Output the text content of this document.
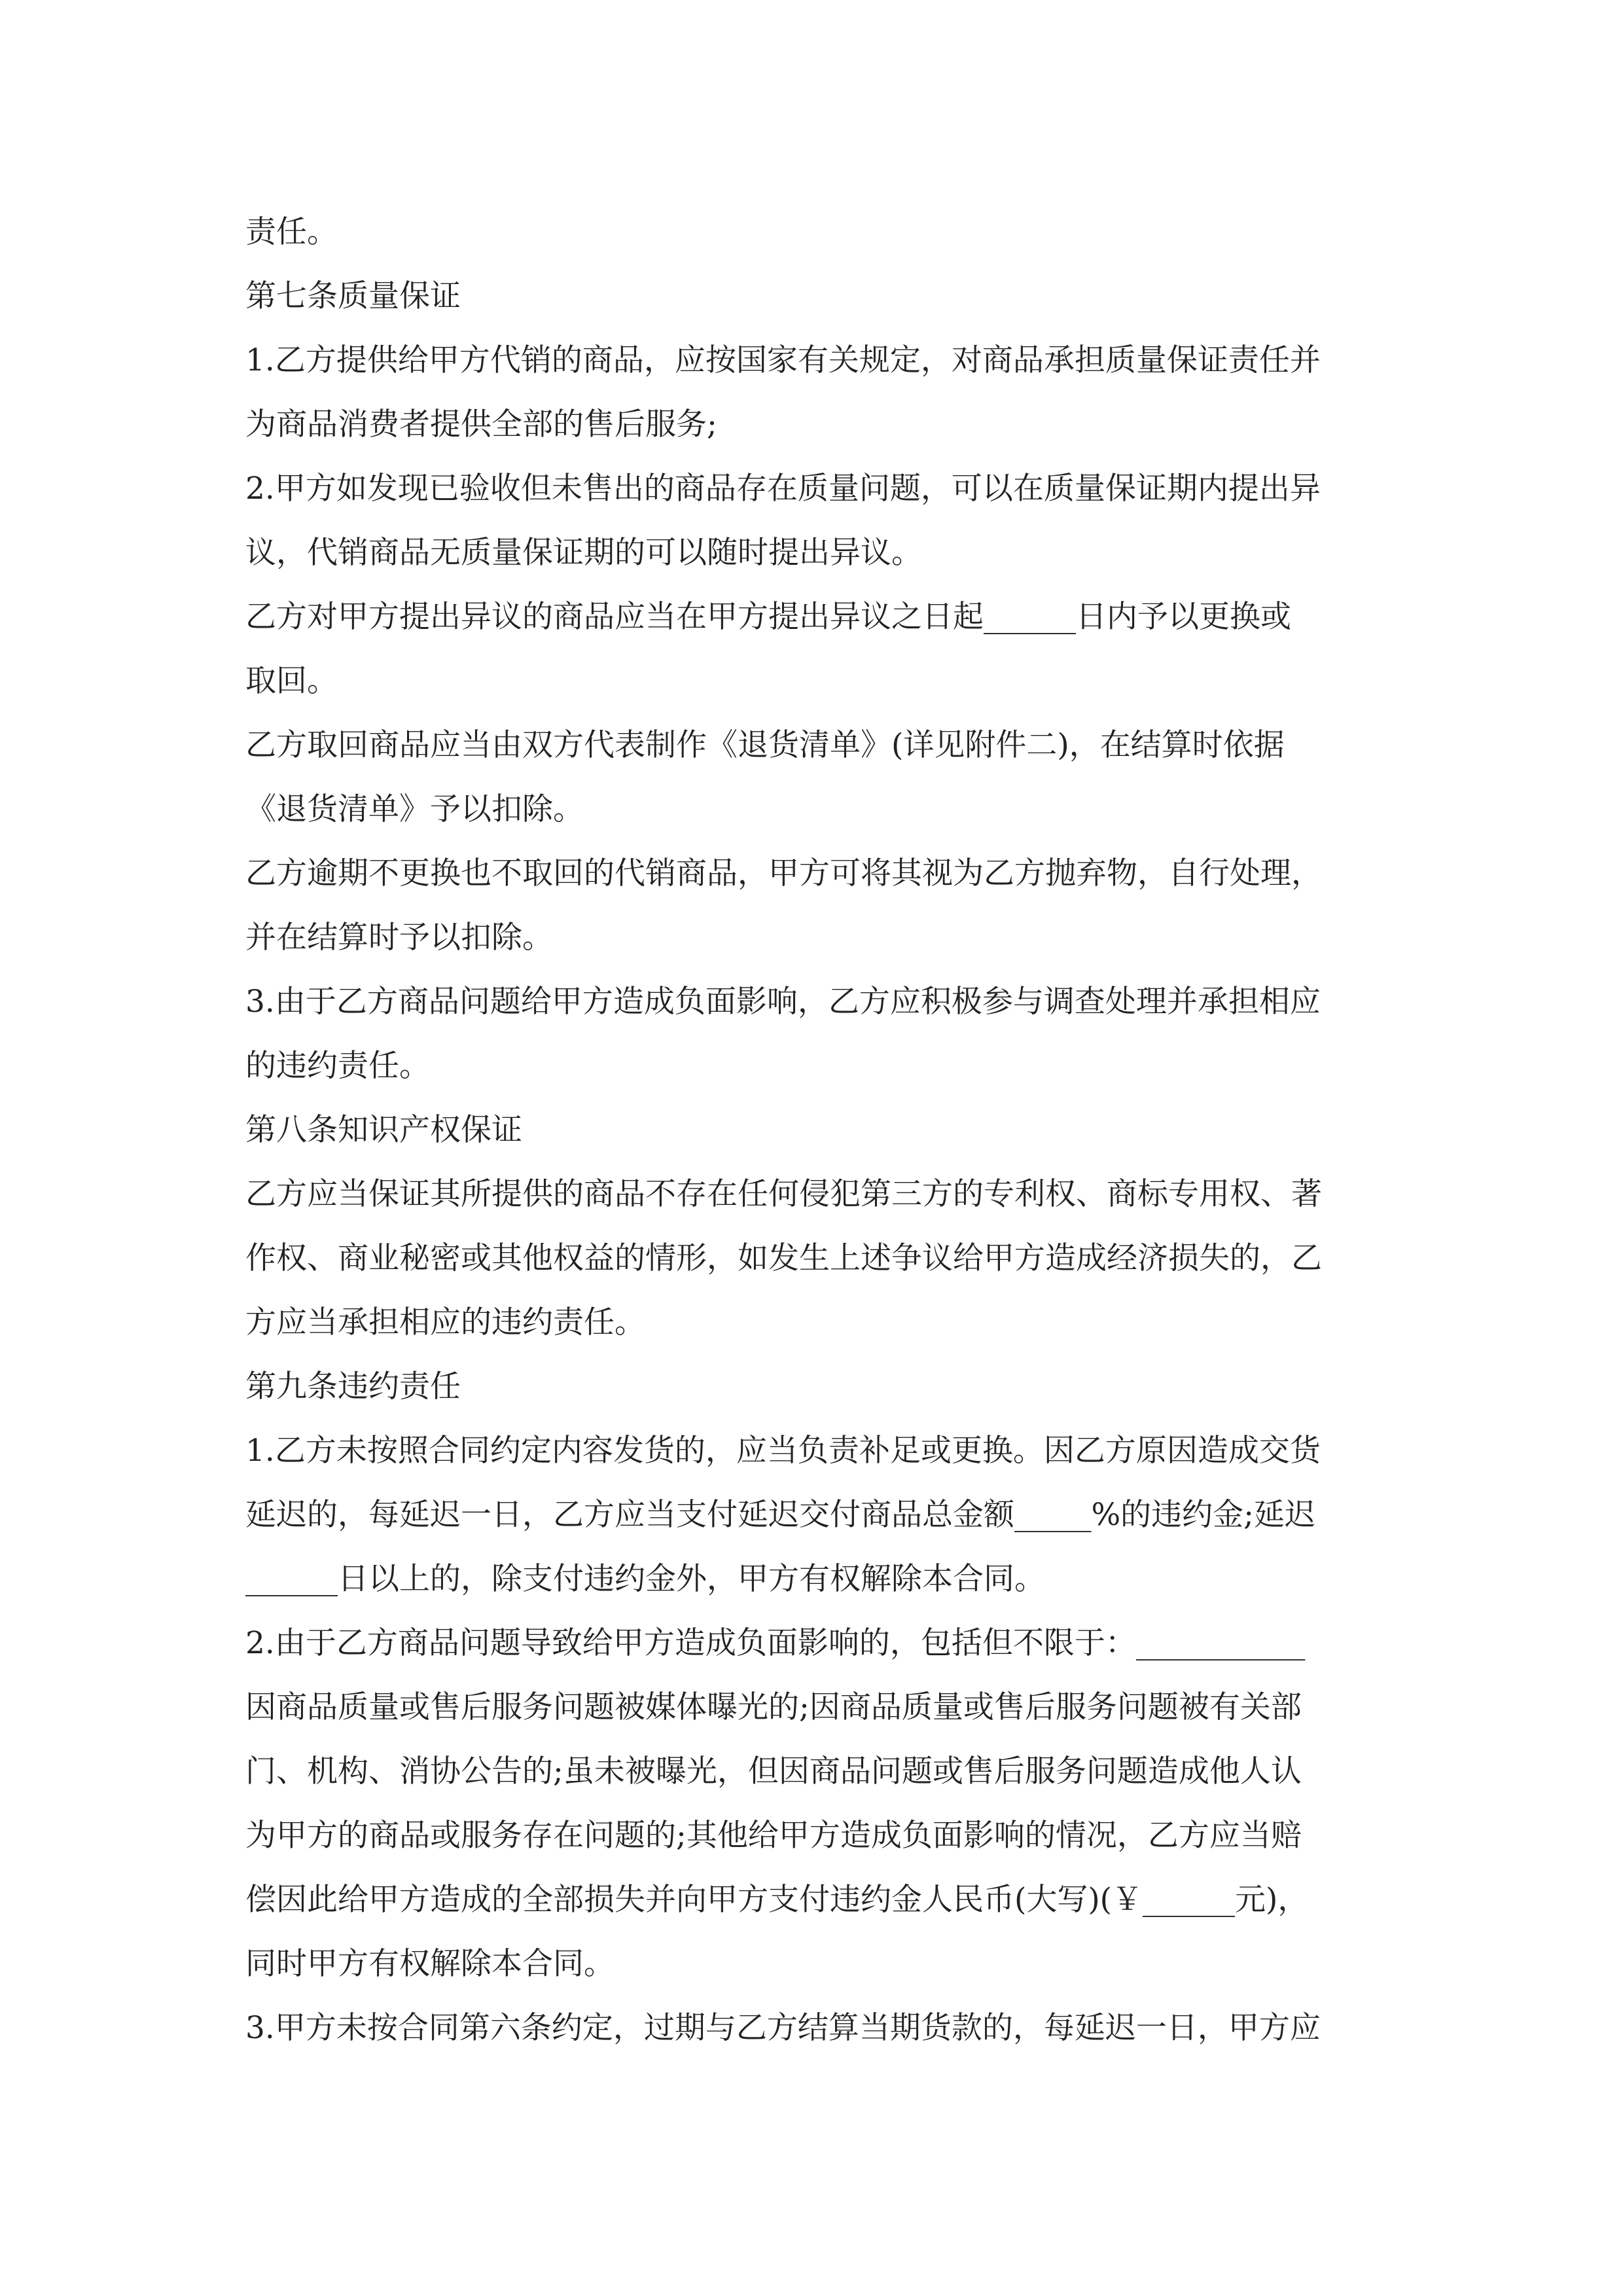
责任。
第七条质量保证
1.乙方提供给甲方代销的商品，应按国家有关规定，对商品承担质量保证责任并
为商品消费者提供全部的售后服务;
2.甲方如发现已验收但未售出的商品存在质量问题，可以在质量保证期内提出异
议，代销商品无质量保证期的可以随时提出异议。
乙方对甲方提出异议的商品应当在甲方提出异议之日起______日内予以更换或
取回。
乙方取回商品应当由双方代表制作《退货清单》(详见附件二)，在结算时依据
《退货清单》予以扣除。
乙方逾期不更换也不取回的代销商品，甲方可将其视为乙方抛弃物，自行处理，
并在结算时予以扣除。
3.由于乙方商品问题给甲方造成负面影响，乙方应积极参与调查处理并承担相应
的违约责任。
第八条知识产权保证
乙方应当保证其所提供的商品不存在任何侵犯第三方的专利权、商标专用权、著
作权、商业秘密或其他权益的情形，如发生上述争议给甲方造成经济损失的，乙
方应当承担相应的违约责任。
第九条违约责任
1.乙方未按照合同约定内容发货的，应当负责补足或更换。因乙方原因造成交货
延迟的，每延迟一日，乙方应当支付延迟交付商品总金额_____%的违约金;延迟
______日以上的，除支付违约金外，甲方有权解除本合同。
2.由于乙方商品问题导致给甲方造成负面影响的，包括但不限于：___________
因商品质量或售后服务问题被媒体曝光的;因商品质量或售后服务问题被有关部
门、机构、消协公告的;虽未被曝光，但因商品问题或售后服务问题造成他人认
为甲方的商品或服务存在问题的;其他给甲方造成负面影响的情况，乙方应当赔
偿因此给甲方造成的全部损失并向甲方支付违约金人民币(大写)(￥______元)，
同时甲方有权解除本合同。
3.甲方未按合同第六条约定，过期与乙方结算当期货款的，每延迟一日，甲方应
